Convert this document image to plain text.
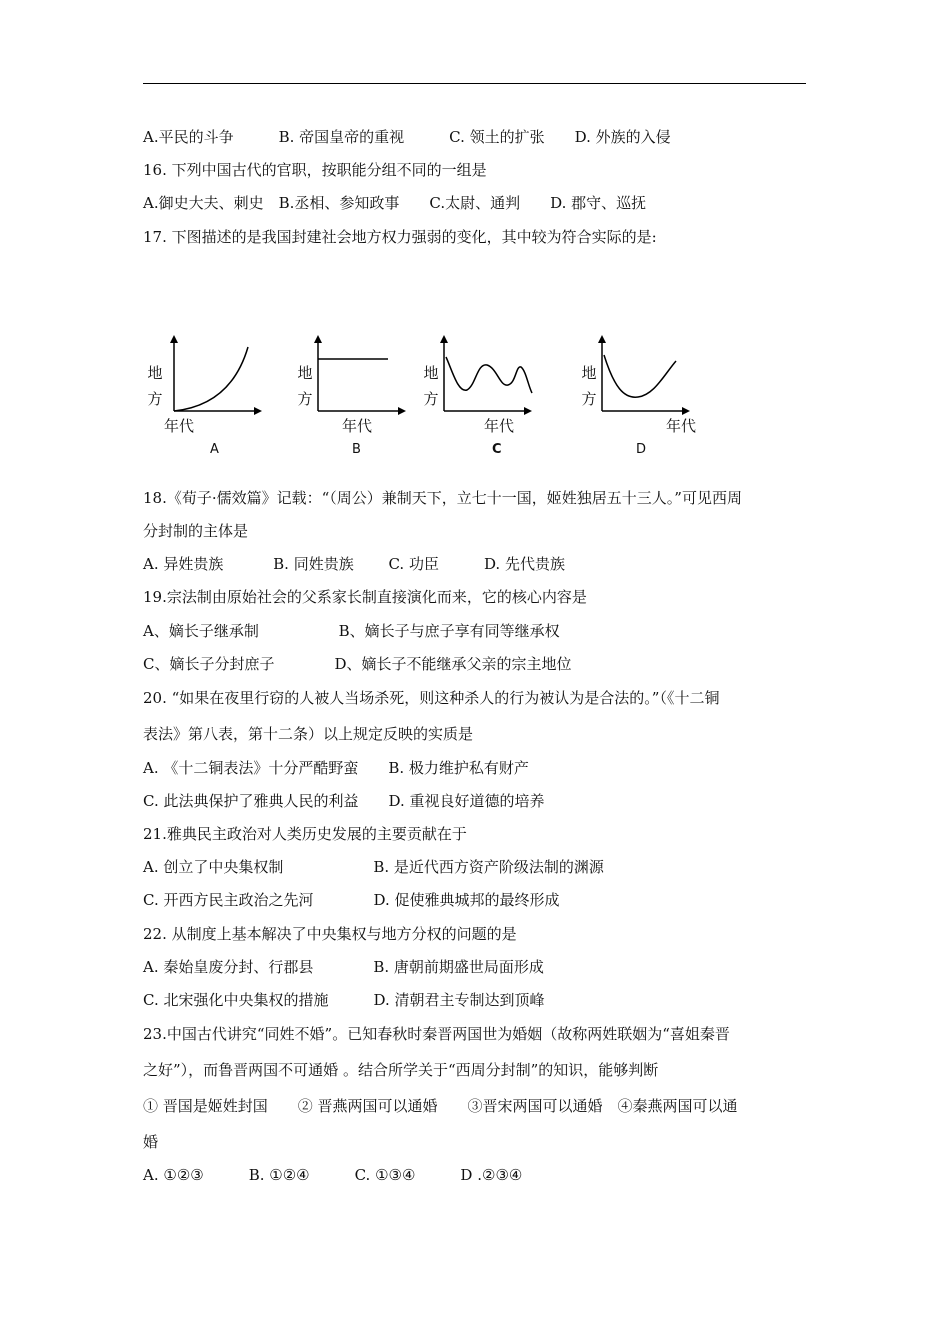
A.平民的斗争　　　B. 帝国皇帝的重视　　　C. 领土的扩张　　D. 外族的入侵
16. 下列中国古代的官职，按职能分组不同的一组是
A.御史大夫、刺史　B.丞相、参知政事　　C.太尉、通判　　D. 郡守、巡抚
17. 下图描述的是我国封建社会地方权力强弱的变化，其中较为符合实际的是:
地
方
年代
A
地
方
年代
B
地
方
年代
C
地
方
年代
D
18.《荀子·儒效篇》记载：“（周公）兼制天下，立七十一国，姬姓独居五十三人。”可见西周
分封制的主体是
A. 异姓贵族　　　 B. 同姓贵族　　 C. 功臣　　　D. 先代贵族
19.宗法制由原始社会的父系家长制直接演化而来，它的核心内容是
A、嫡长子继承制　　　　　 B、嫡长子与庶子享有同等继承权
C、嫡长子分封庶子　　　　D、嫡长子不能继承父亲的宗主地位
20. “如果在夜里行窃的人被人当场杀死，则这种杀人的行为被认为是合法的。”（《十二铜
表法》第八表，第十二条）以上规定反映的实质是
A. 《十二铜表法》十分严酷野蛮　　B. 极力维护私有财产
C. 此法典保护了雅典人民的利益　　D. 重视良好道德的培养
21.雅典民主政治对人类历史发展的主要贡献在于
A. 创立了中央集权制　　　　　　B. 是近代西方资产阶级法制的渊源
C. 开西方民主政治之先河　　　　D. 促使雅典城邦的最终形成
22. 从制度上基本解决了中央集权与地方分权的问题的是
A. 秦始皇废分封、行郡县　　　　B. 唐朝前期盛世局面形成
C. 北宋强化中央集权的措施　　　D. 清朝君主专制达到顶峰
23.中国古代讲究“同姓不婚”。已知春秋时秦晋两国世为婚姻（故称两姓联姻为“喜姐秦晋
之好”），而鲁晋两国不可通婚 。结合所学关于“西周分封制”的知识，能够判断
① 晋国是姬姓封国　　② 晋燕两国可以通婚　　③晋宋两国可以通婚　④秦燕两国可以通
婚
A. ①②③　　　B. ①②④　　　C. ①③④　　　D .②③④
